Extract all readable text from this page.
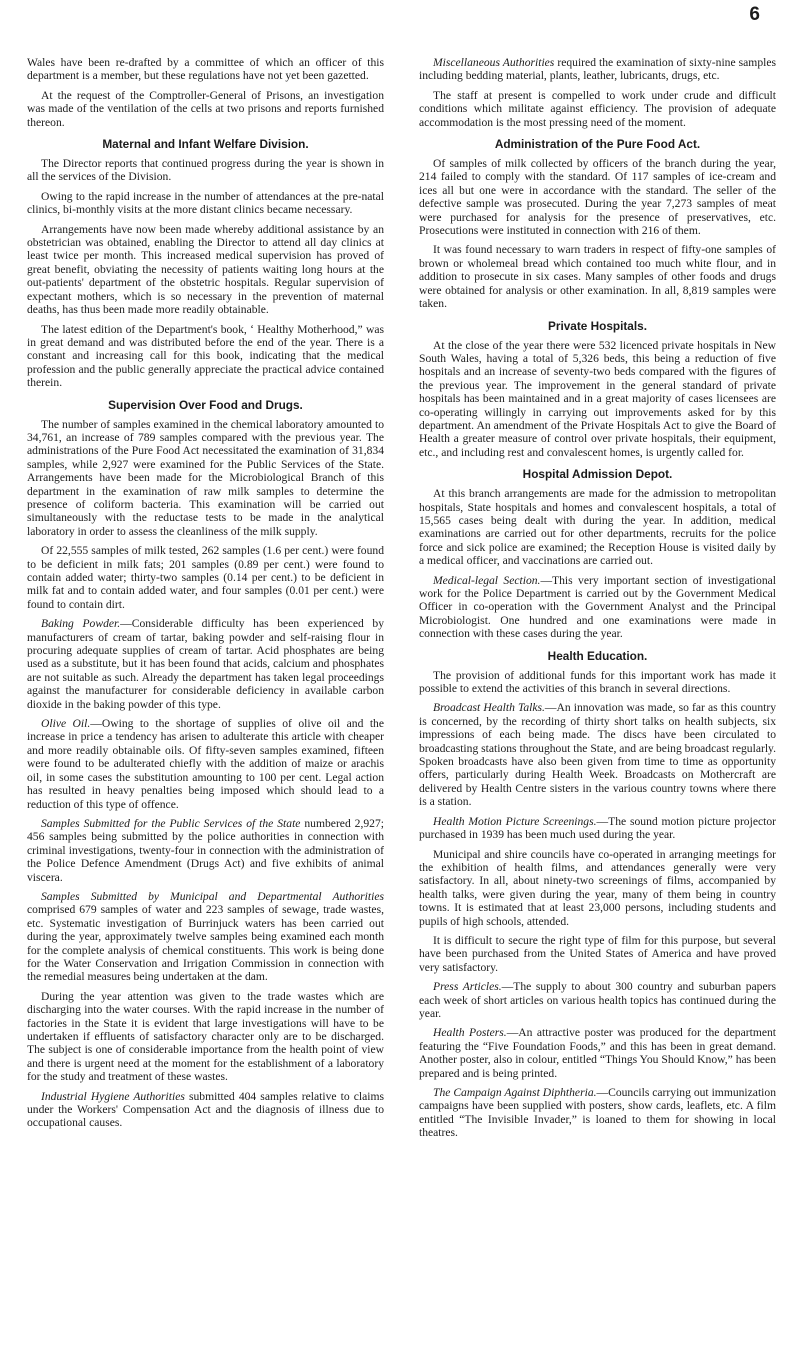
6

Wales have been re-drafted by a committee of which an officer of this department is a member, but these regulations have not yet been gazetted.

At the request of the Comptroller-General of Prisons, an investigation was made of the ventilation of the cells at two prisons and reports furnished thereon.

Maternal and Infant Welfare Division.

The Director reports that continued progress during the year is shown in all the services of the Division.

Owing to the rapid increase in the number of attendances at the pre-natal clinics, bi-monthly visits at the more distant clinics became necessary.

Arrangements have now been made whereby additional assistance by an obstetrician was obtained, enabling the Director to attend all day clinics at least twice per month. This increased medical supervision has proved of great benefit, obviating the necessity of patients waiting long hours at the out-patients' department of the obstetric hospitals. Regular supervision of expectant mothers, which is so necessary in the prevention of maternal deaths, has thus been made more readily obtainable.

The latest edition of the Department's book, ‘ Healthy Motherhood,” was in great demand and was distributed before the end of the year. There is a constant and increasing call for this book, indicating that the medical profession and the public generally appreciate the practical advice contained therein.

Supervision Over Food and Drugs.

The number of samples examined in the chemical laboratory amounted to 34,761, an increase of 789 samples compared with the previous year. The administrations of the Pure Food Act necessitated the examination of 31,834 samples, while 2,927 were examined for the Public Services of the State. Arrangements have been made for the Microbiological Branch of this department in the examination of raw milk samples to determine the presence of coliform bacteria. This examination will be carried out simultaneously with the reductase tests to be made in the analytical laboratory in order to assess the cleanliness of the milk supply.

Of 22,555 samples of milk tested, 262 samples (1.6 per cent.) were found to be deficient in milk fats; 201 samples (0.89 per cent.) were found to contain added water; thirty-two samples (0.14 per cent.) to be deficient in milk fat and to contain added water, and four samples (0.01 per cent.) were found to contain dirt.

Baking Powder.—Considerable difficulty has been experienced by manufacturers of cream of tartar, baking powder and self-raising flour in procuring adequate supplies of cream of tartar. Acid phosphates are being used as a substitute, but it has been found that acids, calcium and phosphates are not suitable as such. Already the department has taken legal proceedings against the manufacturer for considerable deficiency in available carbon dioxide in the baking powder of this type.

Olive Oil.—Owing to the shortage of supplies of olive oil and the increase in price a tendency has arisen to adulterate this article with cheaper and more readily obtainable oils. Of fifty-seven samples examined, fifteen were found to be adulterated chiefly with the addition of maize or arachis oil, in some cases the substitution amounting to 100 per cent. Legal action has resulted in heavy penalties being imposed which should lead to a reduction of this type of offence.

Samples Submitted for the Public Services of the State numbered 2,927; 456 samples being submitted by the police authorities in connection with criminal investigations, twenty-four in connection with the administration of the Police Defence Amendment (Drugs Act) and five exhibits of animal viscera.

Samples Submitted by Municipal and Departmental Authorities comprised 679 samples of water and 223 samples of sewage, trade wastes, etc. Systematic investigation of Burrinjuck waters has been carried out during the year, approximately twelve samples being examined each month for the complete analysis of chemical constituents. This work is being done for the Water Conservation and Irrigation Commission in connection with the remedial measures being undertaken at the dam.

During the year attention was given to the trade wastes which are discharging into the water courses. With the rapid increase in the number of factories in the State it is evident that large investigations will have to be undertaken if effluents of satisfactory character only are to be discharged. The subject is one of considerable importance from the health point of view and there is urgent need at the moment for the establishment of a laboratory for the study and treatment of these wastes.

Industrial Hygiene Authorities submitted 404 samples relative to claims under the Workers' Compensation Act and the diagnosis of illness due to occupational causes.

Miscellaneous Authorities required the examination of sixty-nine samples including bedding material, plants, leather, lubricants, drugs, etc.

The staff at present is compelled to work under crude and difficult conditions which militate against efficiency. The provision of adequate accommodation is the most pressing need of the moment.

Administration of the Pure Food Act.

Of samples of milk collected by officers of the branch during the year, 214 failed to comply with the standard. Of 117 samples of ice-cream and ices all but one were in accordance with the standard. The seller of the defective sample was prosecuted. During the year 7,273 samples of meat were purchased for analysis for the presence of preservatives, etc. Prosecutions were instituted in connection with 216 of them.

It was found necessary to warn traders in respect of fifty-one samples of brown or wholemeal bread which contained too much white flour, and in addition to prosecute in six cases. Many samples of other foods and drugs were obtained for analysis or other examination. In all, 8,819 samples were taken.

Private Hospitals.

At the close of the year there were 532 licenced private hospitals in New South Wales, having a total of 5,326 beds, this being a reduction of five hospitals and an increase of seventy-two beds compared with the figures of the previous year. The improvement in the general standard of private hospitals has been maintained and in a great majority of cases licensees are co-operating willingly in carrying out improvements asked for by this department. An amendment of the Private Hospitals Act to give the Board of Health a greater measure of control over private hospitals, their equipment, etc., and including rest and convalescent homes, is urgently called for.

Hospital Admission Depot.

At this branch arrangements are made for the admission to metropolitan hospitals, State hospitals and homes and convalescent hospitals, a total of 15,565 cases being dealt with during the year. In addition, medical examinations are carried out for other departments, recruits for the police force and sick police are examined; the Reception House is visited daily by a medical officer, and vaccinations are carried out.

Medical-legal Section.—This very important section of investigational work for the Police Department is carried out by the Government Medical Officer in co-operation with the Government Analyst and the Principal Microbiologist. One hundred and one examinations were made in connection with these cases during the year.

Health Education.

The provision of additional funds for this important work has made it possible to extend the activities of this branch in several directions.

Broadcast Health Talks.—An innovation was made, so far as this country is concerned, by the recording of thirty short talks on health subjects, six impressions of each being made. The discs have been circulated to broadcasting stations throughout the State, and are being broadcast regularly. Spoken broadcasts have also been given from time to time as opportunity offers, particularly during Health Week. Broadcasts on Mothercraft are delivered by Health Centre sisters in the various country towns where there is a station.

Health Motion Picture Screenings.—The sound motion picture projector purchased in 1939 has been much used during the year.

Municipal and shire councils have co-operated in arranging meetings for the exhibition of health films, and attendances generally were very satisfactory. In all, about ninety-two screenings of films, accompanied by health talks, were given during the year, many of them being in country towns. It is estimated that at least 23,000 persons, including students and pupils of high schools, attended.

It is difficult to secure the right type of film for this purpose, but several have been purchased from the United States of America and have proved very satisfactory.

Press Articles.—The supply to about 300 country and suburban papers each week of short articles on various health topics has continued during the year.

Health Posters.—An attractive poster was produced for the department featuring the “Five Foundation Foods,” and this has been in great demand. Another poster, also in colour, entitled “Things You Should Know,” has been prepared and is being printed.

The Campaign Against Diphtheria.—Councils carrying out immunization campaigns have been supplied with posters, show cards, leaflets, etc. A film entitled “The Invisible Invader,” is loaned to them for showing in local theatres.
